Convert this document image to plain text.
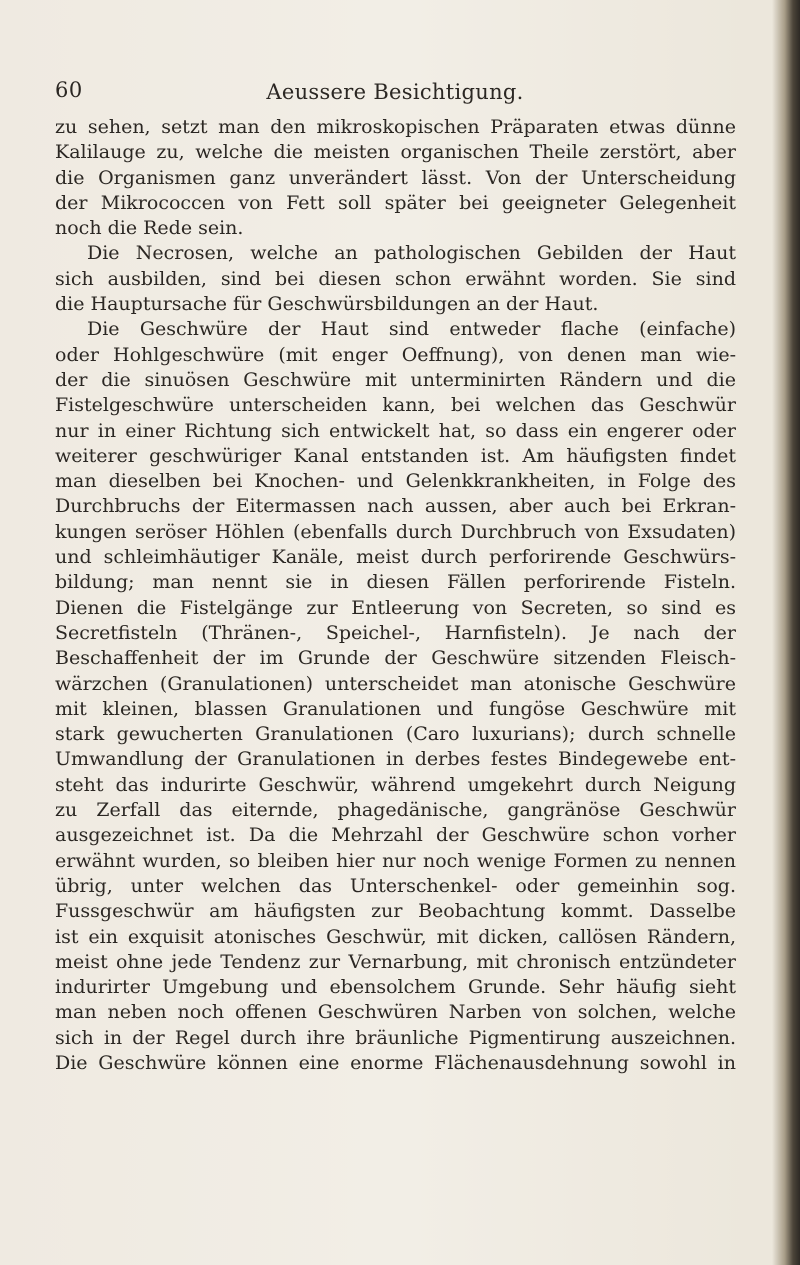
60	Aeussere Besichtigung.
zu sehen, setzt man den mikroskopischen Präparaten etwas dünne
Kalilauge zu, welche die meisten organischen Theile zerstört, aber
die Organismen ganz unverändert lässt. Von der Unterscheidung
der Mikrococcen von Fett soll später bei geeigneter Gelegenheit
noch die Rede sein.
Die Necrosen, welche an pathologischen Gebilden der Haut
sich ausbilden, sind bei diesen schon erwähnt worden. Sie sind
die Hauptursache für Geschwürsbildungen an der Haut.
Die Geschwüre der Haut sind entweder flache (einfache)
oder Hohlgeschwüre (mit enger Oeffnung), von denen man wie-
der die sinuösen Geschwüre mit unterminirten Rändern und die
Fistelgeschwüre unterscheiden kann, bei welchen das Geschwür
nur in einer Richtung sich entwickelt hat, so dass ein engerer oder
weiterer geschwüriger Kanal entstanden ist. Am häufigsten findet
man dieselben bei Knochen- und Gelenkkrankheiten, in Folge des
Durchbruchs der Eitermassen nach aussen, aber auch bei Erkran-
kungen seröser Höhlen (ebenfalls durch Durchbruch von Exsudaten)
und schleimhäutiger Kanäle, meist durch perforirende Geschwürs-
bildung; man nennt sie in diesen Fällen perforirende Fisteln.
Dienen die Fistelgänge zur Entleerung von Secreten, so sind es
Secretfisteln (Thränen-, Speichel-, Harnfisteln). Je nach der
Beschaffenheit der im Grunde der Geschwüre sitzenden Fleisch-
wärzchen (Granulationen) unterscheidet man atonische Geschwüre
mit kleinen, blassen Granulationen und fungöse Geschwüre mit
stark gewucherten Granulationen (Caro luxurians); durch schnelle
Umwandlung der Granulationen in derbes festes Bindegewebe ent-
steht das indurirte Geschwür, während umgekehrt durch Neigung
zu Zerfall das eiternde, phagedänische, gangränöse Geschwür
ausgezeichnet ist. Da die Mehrzahl der Geschwüre schon vorher
erwähnt wurden, so bleiben hier nur noch wenige Formen zu nennen
übrig, unter welchen das Unterschenkel- oder gemeinhin sog.
Fussgeschwür am häufigsten zur Beobachtung kommt. Dasselbe
ist ein exquisit atonisches Geschwür, mit dicken, callösen Rändern,
meist ohne jede Tendenz zur Vernarbung, mit chronisch entzündeter
indurirter Umgebung und ebensolchem Grunde. Sehr häufig sieht
man neben noch offenen Geschwüren Narben von solchen, welche
sich in der Regel durch ihre bräunliche Pigmentirung auszeichnen.
Die Geschwüre können eine enorme Flächenausdehnung sowohl in
